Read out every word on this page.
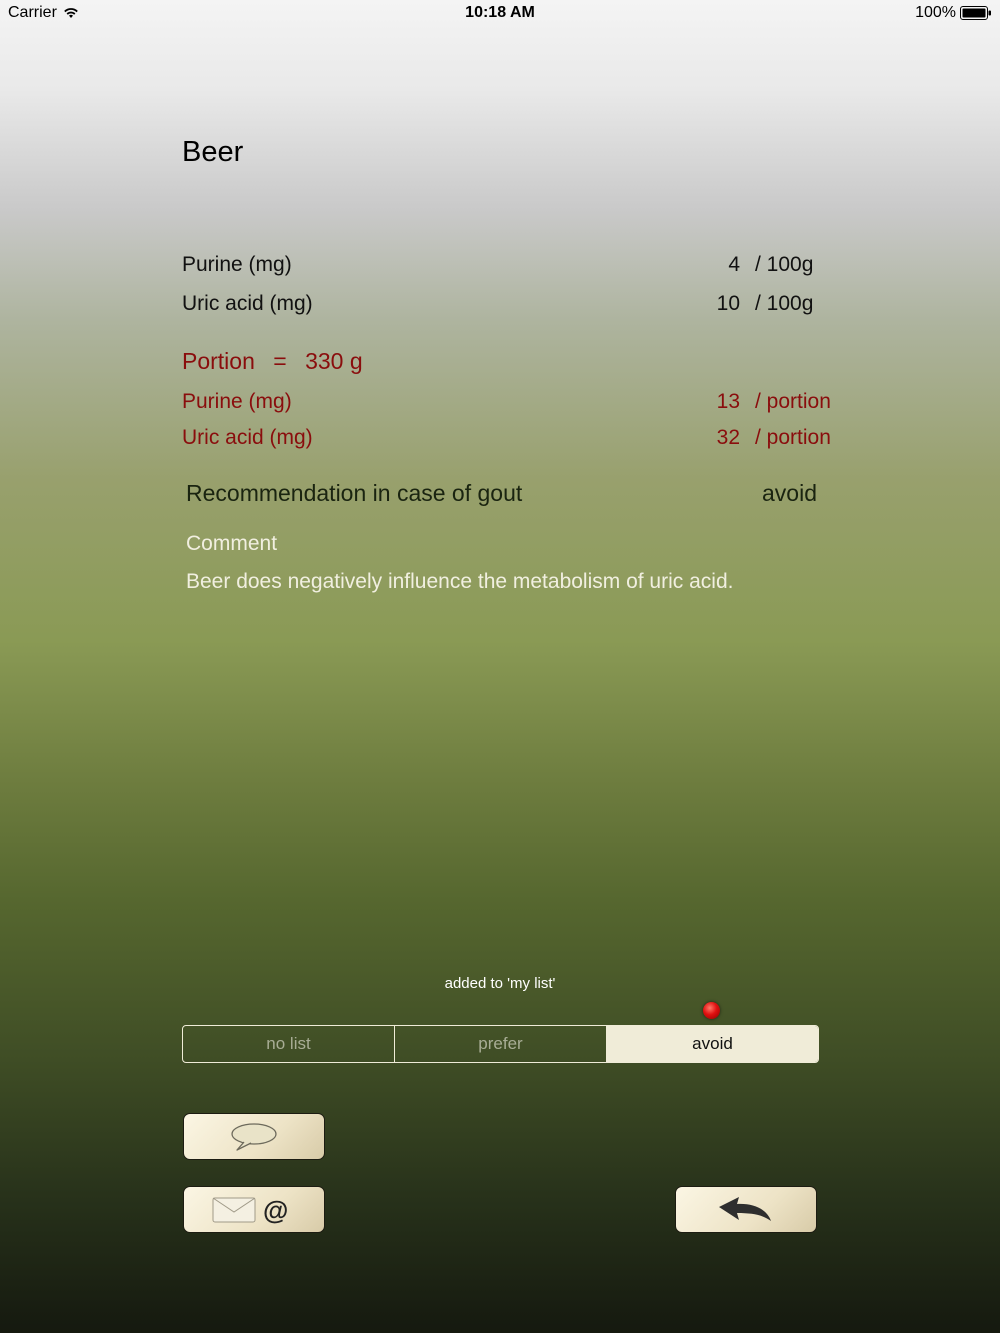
Carrier	10:18 AM	100%
Beer
Purine (mg)	4 / 100g
Uric acid (mg)	10 / 100g
Portion = 330 g
Purine (mg)	13 / portion
Uric acid (mg)	32 / portion
Recommendation in case of gout	avoid
Comment
Beer does negatively influence the metabolism of uric acid.
added to 'my list'
no list	prefer	avoid
@
